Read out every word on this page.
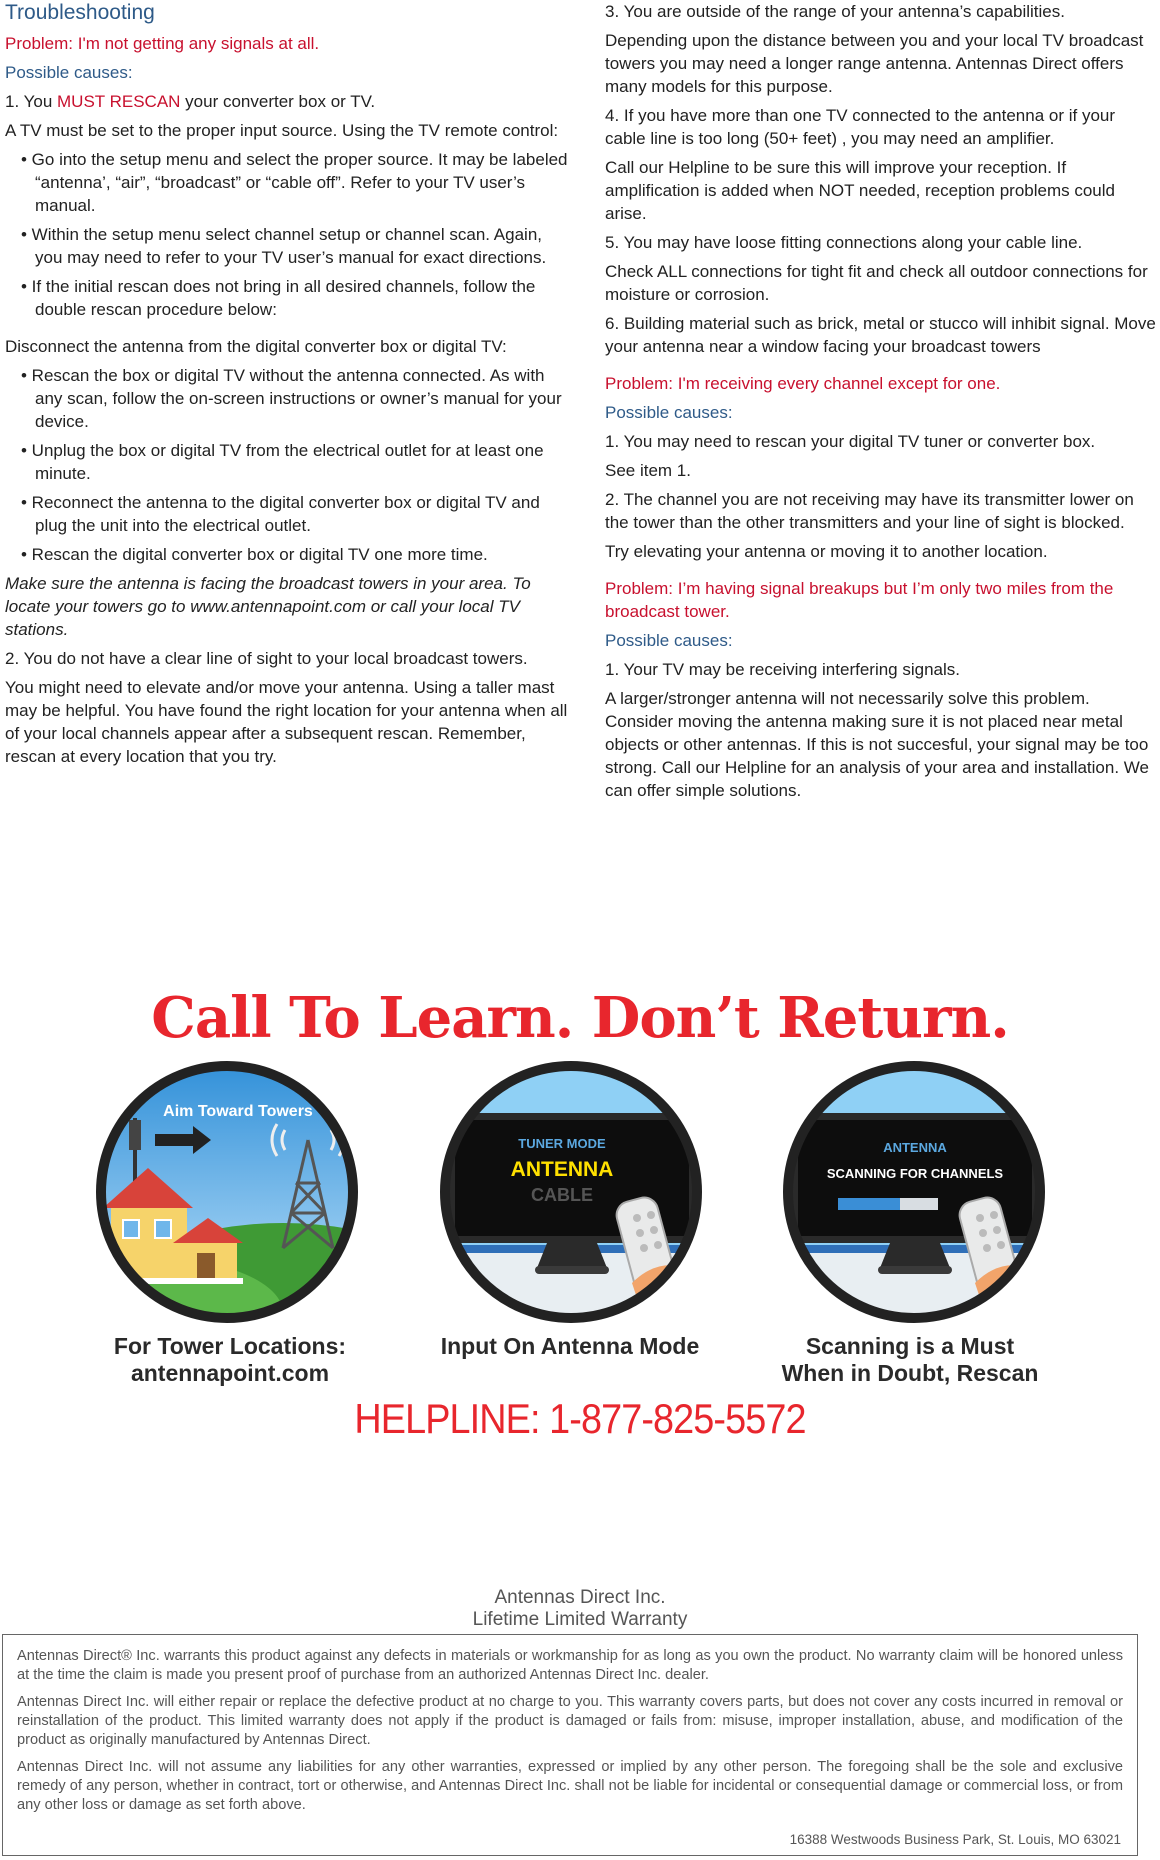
Troubleshooting

Problem: I'm not getting any signals at all.

Possible causes:

1. You MUST RESCAN your converter box or TV.

A TV must be set to the proper input source. Using the TV remote control:

• Go into the setup menu and select the proper source. It may be labeled “antenna’, “air”, “broadcast” or “cable off”. Refer to your TV user’s manual.

• Within the setup menu select channel setup or channel scan. Again, you may need to refer to your TV user’s manual for exact directions.

• If the initial rescan does not bring in all desired channels, follow the double rescan procedure below:

Disconnect the antenna from the digital converter box or digital TV:

• Rescan the box or digital TV without the antenna connected. As with any scan, follow the on-screen instructions or owner’s manual for your device.

• Unplug the box or digital TV from the electrical outlet for at least one minute.

• Reconnect the antenna to the digital converter box or digital TV and plug the unit into the electrical outlet.

• Rescan the digital converter box or digital TV one more time.

Make sure the antenna is facing the broadcast towers in your area. To locate your towers go to www.antennapoint.com or call your local TV stations.

2. You do not have a clear line of sight to your local broadcast towers.

You might need to elevate and/or move your antenna. Using a taller mast may be helpful. You have found the right location for your antenna when all of your local channels appear after a subsequent rescan. Remember, rescan at every location that you try.

3. You are outside of the range of your antenna’s capabilities.

Depending upon the distance between you and your local TV broadcast towers you may need a longer range antenna. Antennas Direct offers many models for this purpose.

4. If you have more than one TV connected to the antenna or if your cable line is too long (50+ feet) , you may need an amplifier.

Call our Helpline to be sure this will improve your reception. If amplification is added when NOT needed, reception problems could arise.

5. You may have loose fitting connections along your cable line.

Check ALL connections for tight fit and check all outdoor connections for moisture or corrosion.

6. Building material such as brick, metal or stucco will inhibit signal. Move your antenna near a window facing your broadcast towers

Problem: I'm receiving every channel except for one.

Possible causes:

1. You may need to rescan your digital TV tuner or converter box.

See item 1.

2. The channel you are not receiving may have its transmitter lower on the tower than the other transmitters and your line of sight is blocked.

Try elevating your antenna or moving it to another location.

Problem: I’m having signal breakups but I’m only two miles from the broadcast tower.

Possible causes:

1. Your TV may be receiving interfering signals.

A larger/stronger antenna will not necessarily solve this problem. Consider moving the antenna making sure it is not placed near metal objects or other antennas. If this is not succesful, your signal may be too strong. Call our Helpline for an analysis of your area and installation. We can offer simple solutions.

Call To Learn. Don’t Return.
Aim Toward Towers
TUNER MODE
ANTENNA
CABLE
ANTENNA
SCANNING FOR CHANNELS
For Tower Locations:
antennapoint.com
Input On Antenna Mode	Scanning is a Must
When in Doubt, Rescan
HELPLINE: 1-877-825-5572
Antennas Direct Inc.
Lifetime Limited Warranty

Antennas Direct® Inc. warrants this product against any defects in materials or workmanship for as long as you own the product. No warranty claim will be honored unless at the time the claim is made you present proof of purchase from an authorized Antennas Direct Inc. dealer.

Antennas Direct Inc. will either repair or replace the defective product at no charge to you. This warranty covers parts, but does not cover any costs incurred in removal or reinstallation of the product. This limited warranty does not apply if the product is damaged or fails from: misuse, improper installation, abuse, and modification of the product as originally manufactured by Antennas Direct.

Antennas Direct Inc. will not assume any liabilities for any other warranties, expressed or implied by any other person. The foregoing shall be the sole and exclusive remedy of any person, whether in contract, tort or otherwise, and Antennas Direct Inc. shall not be liable for incidental or consequential damage or commercial loss, or from any other loss or damage as set forth above.

16388 Westwoods Business Park, St. Louis, MO 63021
